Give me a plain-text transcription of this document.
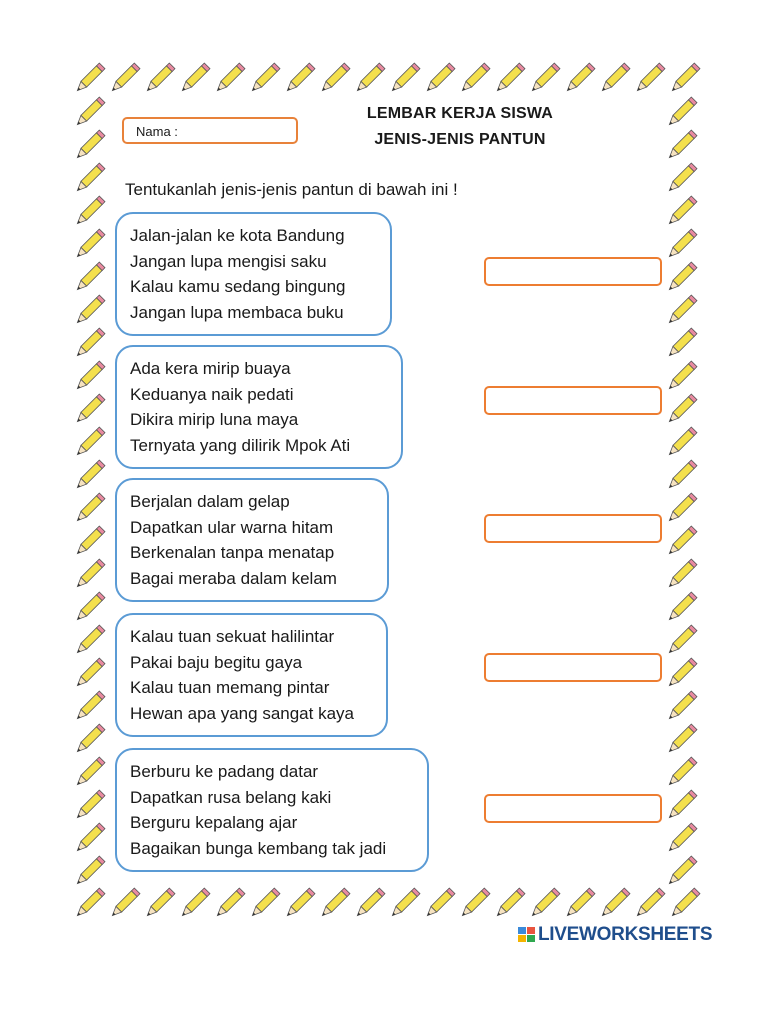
LEMBAR KERJA SISWA
JENIS-JENIS PANTUN
Nama :
Tentukanlah jenis-jenis pantun di bawah ini !
Jalan-jalan ke kota Bandung
Jangan lupa mengisi saku
Kalau kamu sedang bingung
Jangan lupa membaca buku
Ada kera mirip buaya
Keduanya naik pedati
Dikira mirip luna maya
Ternyata yang dilirik Mpok Ati
Berjalan dalam gelap
Dapatkan ular warna hitam
Berkenalan tanpa menatap
Bagai meraba dalam kelam
Kalau tuan sekuat halilintar
Pakai baju begitu gaya
Kalau tuan memang pintar
Hewan apa yang sangat kaya
Berburu ke padang datar
Dapatkan rusa belang kaki
Berguru kepalang ajar
Bagaikan bunga kembang tak jadi
LIVEWORKSHEETS
